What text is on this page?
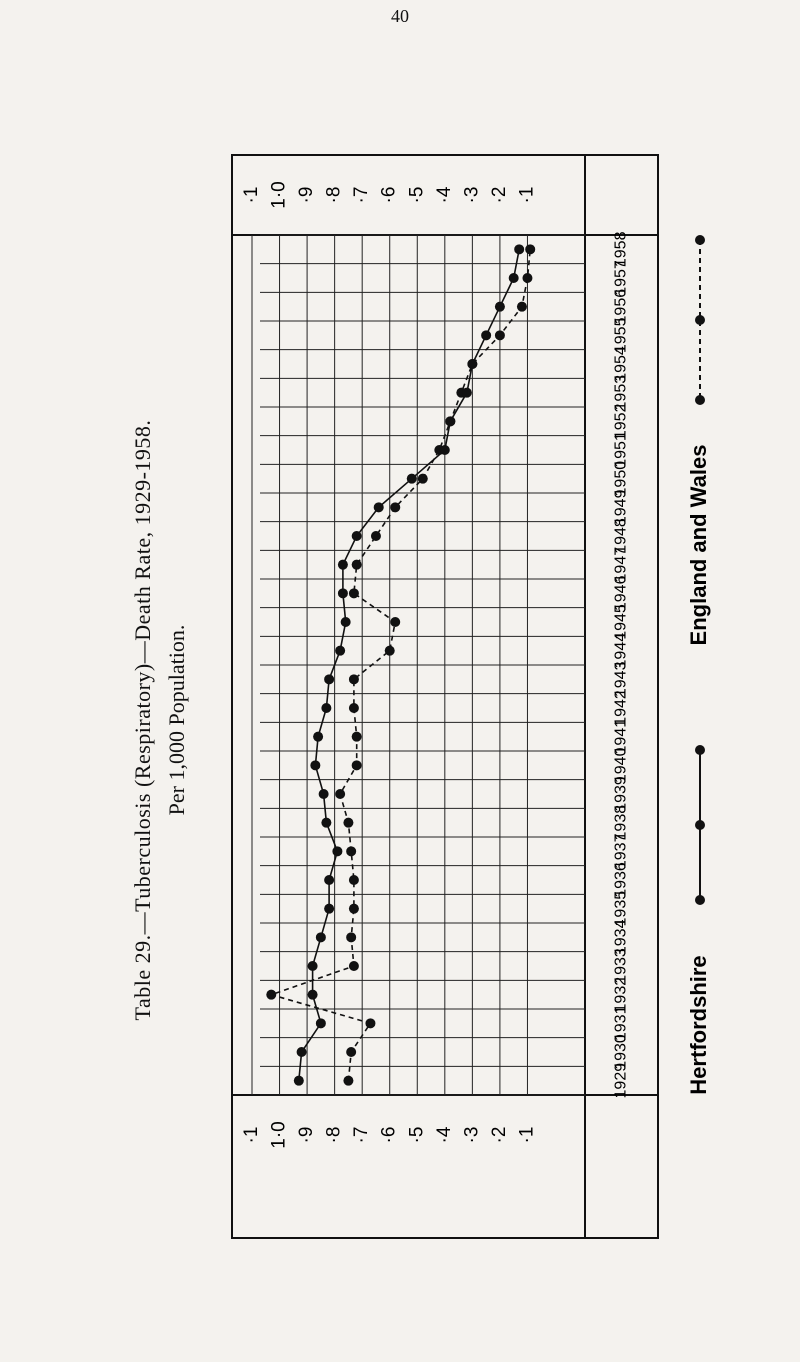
40
Table 29.—Tuberculosis (Respiratory)—Death Rate, 1929-1958. Per 1,000 Population.
·1
·1
1·0
1·0
·9
·9
·8
·8
·7
·7
·6
·6
·5
·5
·4
·4
·3
·3
·2
·2
·1
·1
1929
1930
1931
1932
1933
1934
1935
1936
1937
1938
1939
1940
1941
1942
1943
1944
1945
1946
1947
1948
1949
1950
1951
1952
1953
1954
1955
1956
1957
1958
Hertfordshire
England and Wales
